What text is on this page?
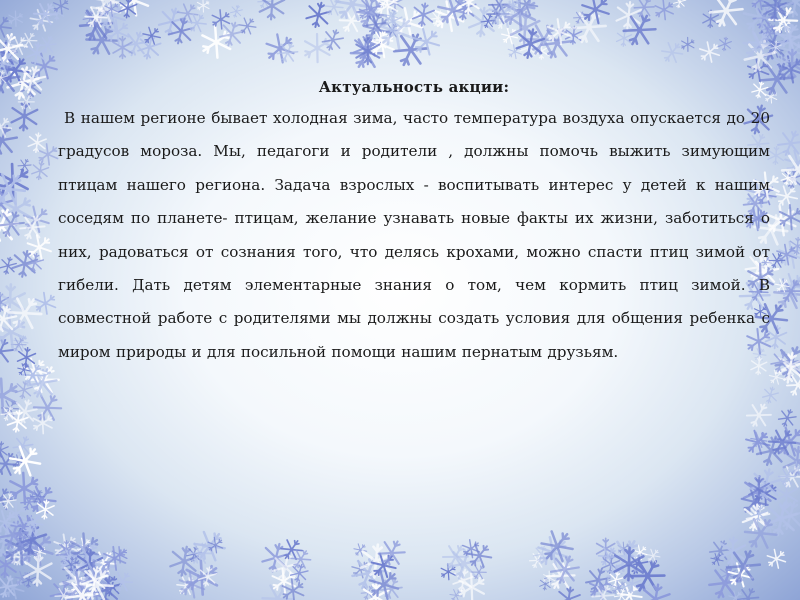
Актуальность акции:

В нашем регионе бывает холодная зима, часто температура воздуха опускается до 20 градусов мороза. Мы, педагоги и родители , должны помочь выжить зимующим птицам нашего региона. Задача взрослых - воспитывать интерес у детей к нашим соседям по планете- птицам, желание узнавать новые факты их жизни, заботиться о них, радоваться от сознания того, что делясь крохами, можно спасти птиц зимой от гибели. Дать детям элементарные знания о том, чем кормить птиц зимой. В совместной работе с родителями мы должны создать условия для общения ребенка с миром природы и для посильной помощи нашим пернатым друзьям.
